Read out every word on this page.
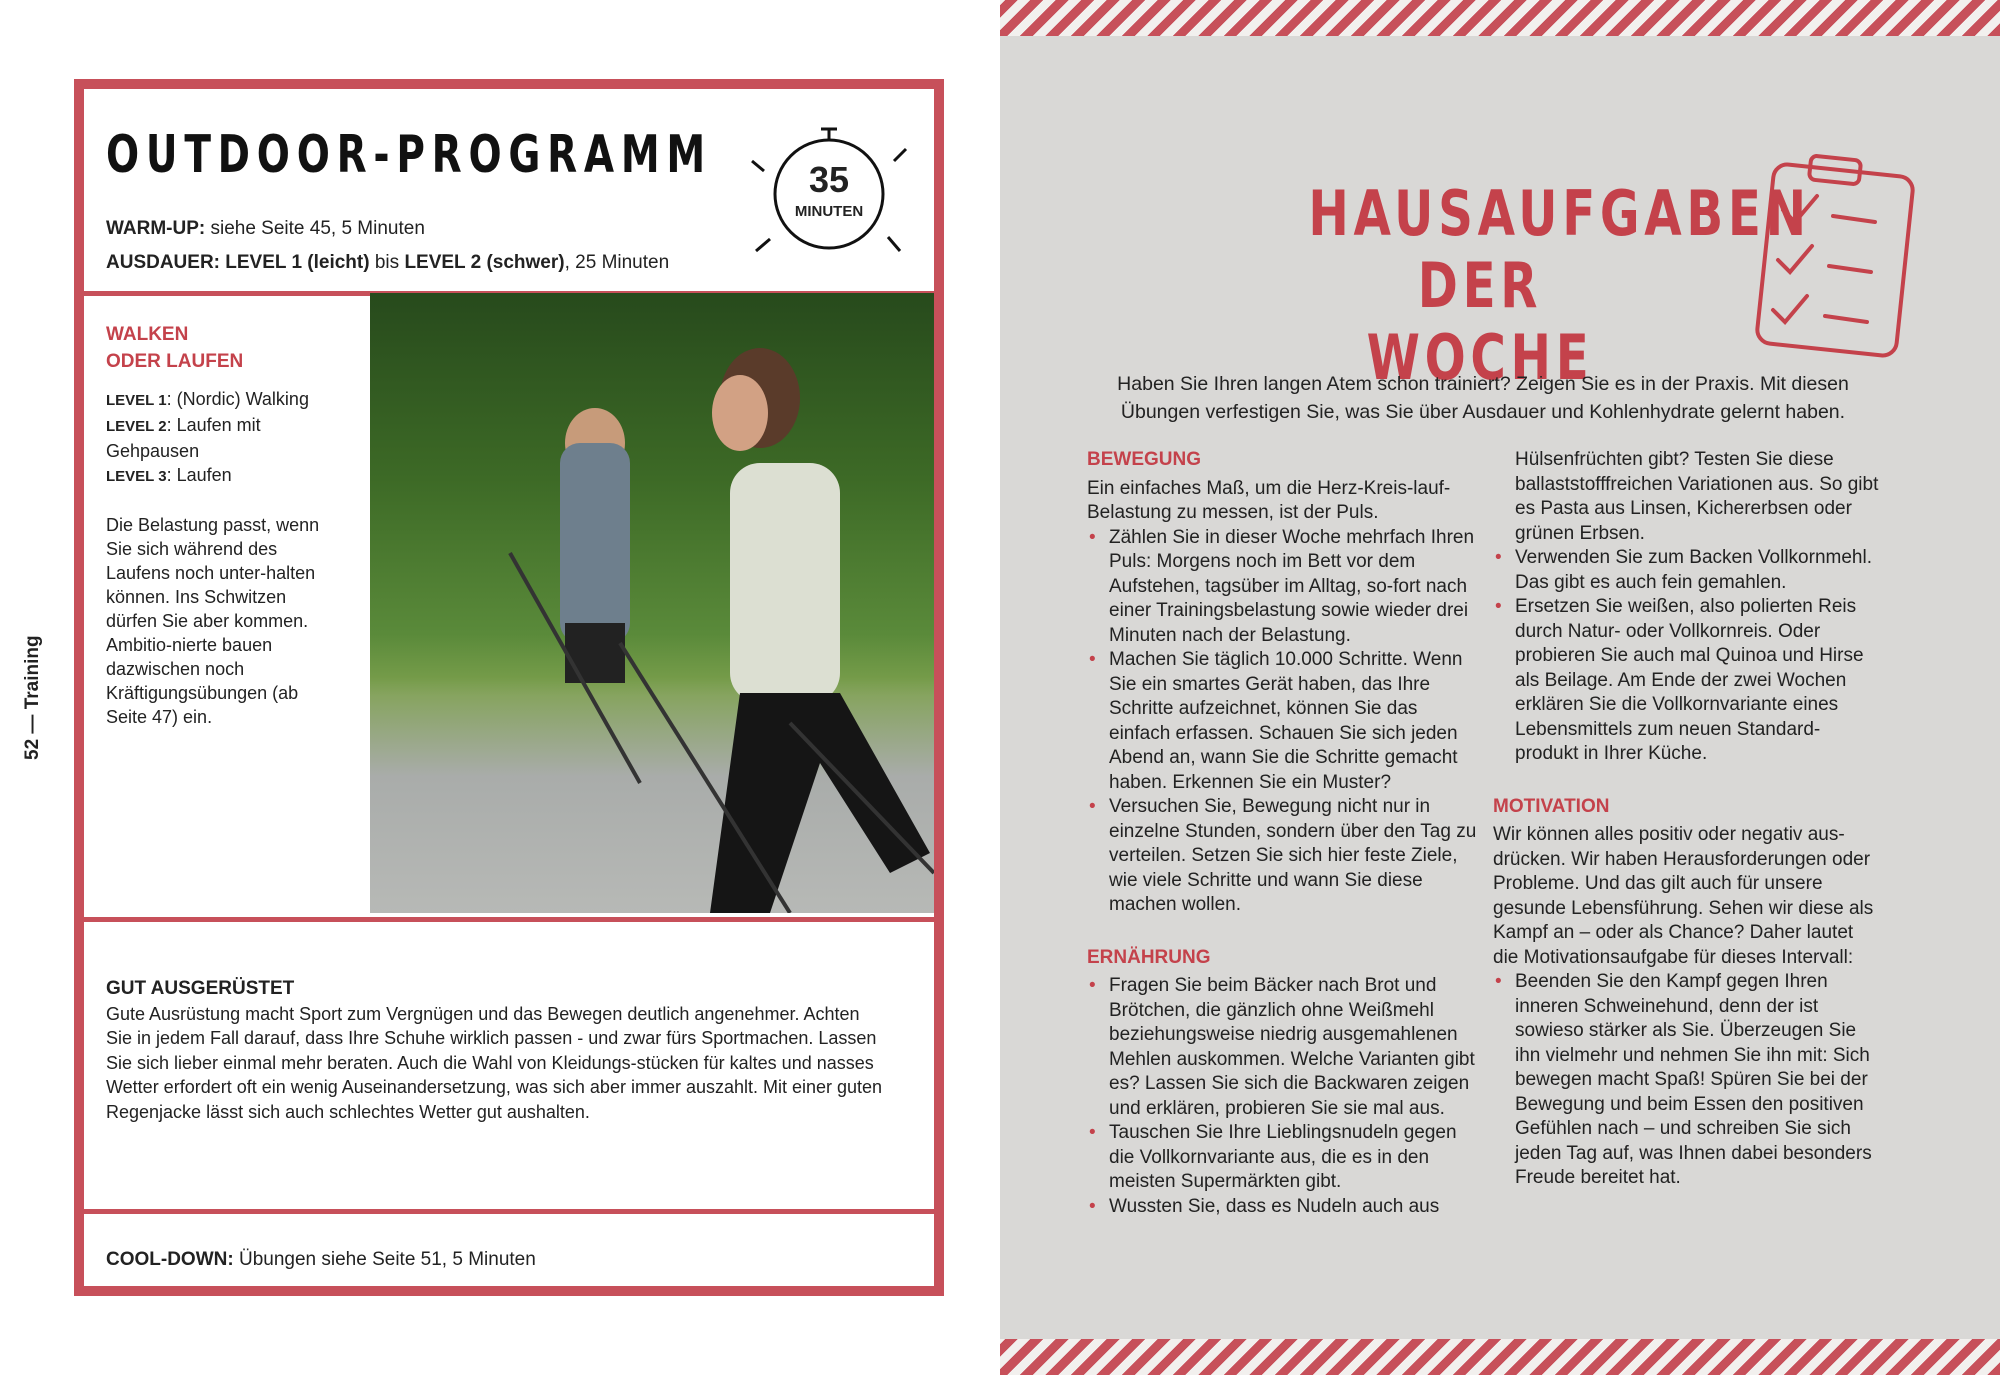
OUTDOOR-PROGRAMM
WARM-UP: siehe Seite 45, 5 Minuten
AUSDAUER: LEVEL 1 (leicht) bis LEVEL 2 (schwer), 25 Minuten
35
MINUTEN
WALKEN
ODER LAUFEN
LEVEL 1: (Nordic) Walking
LEVEL 2: Laufen mit Gehpausen
LEVEL 3: Laufen
Die Belastung passt, wenn Sie sich während des Laufens noch unter-halten können. Ins Schwitzen dürfen Sie aber kommen. Ambitio-nierte bauen dazwischen noch Kräftigungsübungen (ab Seite 47) ein.
GUT AUSGERÜSTET
Gute Ausrüstung macht Sport zum Vergnügen und das Bewegen deutlich angenehmer. Achten Sie in jedem Fall darauf, dass Ihre Schuhe wirklich passen - und zwar fürs Sportmachen. Lassen Sie sich lieber einmal mehr beraten. Auch die Wahl von Kleidungs-stücken für kaltes und nasses Wetter erfordert oft ein wenig Auseinandersetzung, was sich aber immer auszahlt. Mit einer guten Regenjacke lässt sich auch schlechtes Wetter gut aushalten.
COOL-DOWN: Übungen siehe Seite 51, 5 Minuten
52 — Training
HAUSAUFGABEN
DER WOCHE
Haben Sie Ihren langen Atem schon trainiert? Zeigen Sie es in der Praxis. Mit diesen Übungen verfestigen Sie, was Sie über Ausdauer und Kohlenhydrate gelernt haben.
BEWEGUNG
Ein einfaches Maß, um die Herz-Kreis-lauf-Belastung zu messen, ist der Puls.
• Zählen Sie in dieser Woche mehrfach Ihren Puls: Morgens noch im Bett vor dem Aufstehen, tagsüber im Alltag, so-fort nach einer Trainingsbelastung sowie wieder drei Minuten nach der Belastung.
• Machen Sie täglich 10.000 Schritte. Wenn Sie ein smartes Gerät haben, das Ihre Schritte aufzeichnet, können Sie das einfach erfassen. Schauen Sie sich jeden Abend an, wann Sie die Schritte gemacht haben. Erkennen Sie ein Muster?
• Versuchen Sie, Bewegung nicht nur in einzelne Stunden, sondern über den Tag zu verteilen. Setzen Sie sich hier feste Ziele, wie viele Schritte und wann Sie diese machen wollen.
ERNÄHRUNG
• Fragen Sie beim Bäcker nach Brot und Brötchen, die gänzlich ohne Weißmehl beziehungsweise niedrig ausgemahlenen Mehlen auskommen. Welche Varianten gibt es? Lassen Sie sich die Backwaren zeigen und erklären, probieren Sie sie mal aus.
• Tauschen Sie Ihre Lieblingsnudeln gegen die Vollkornvariante aus, die es in den meisten Supermärkten gibt.
• Wussten Sie, dass es Nudeln auch aus
Hülsenfrüchten gibt? Testen Sie diese ballaststofffreichen Variationen aus. So gibt es Pasta aus Linsen, Kichererbsen oder grünen Erbsen.
• Verwenden Sie zum Backen Vollkornmehl. Das gibt es auch fein gemahlen.
• Ersetzen Sie weißen, also polierten Reis durch Natur- oder Vollkornreis. Oder probieren Sie auch mal Quinoa und Hirse als Beilage. Am Ende der zwei Wochen erklären Sie die Vollkornvariante eines Lebensmittels zum neuen Standard-produkt in Ihrer Küche.
MOTIVATION
Wir können alles positiv oder negativ aus-drücken. Wir haben Herausforderungen oder Probleme. Und das gilt auch für unsere gesunde Lebensführung. Sehen wir diese als Kampf an – oder als Chance? Daher lautet die Motivationsaufgabe für dieses Intervall:
• Beenden Sie den Kampf gegen Ihren inneren Schweinehund, denn der ist sowieso stärker als Sie. Überzeugen Sie ihn vielmehr und nehmen Sie ihn mit: Sich bewegen macht Spaß! Spüren Sie bei der Bewegung und beim Essen den positiven Gefühlen nach – und schreiben Sie sich jeden Tag auf, was Ihnen dabei besonders Freude bereitet hat.
